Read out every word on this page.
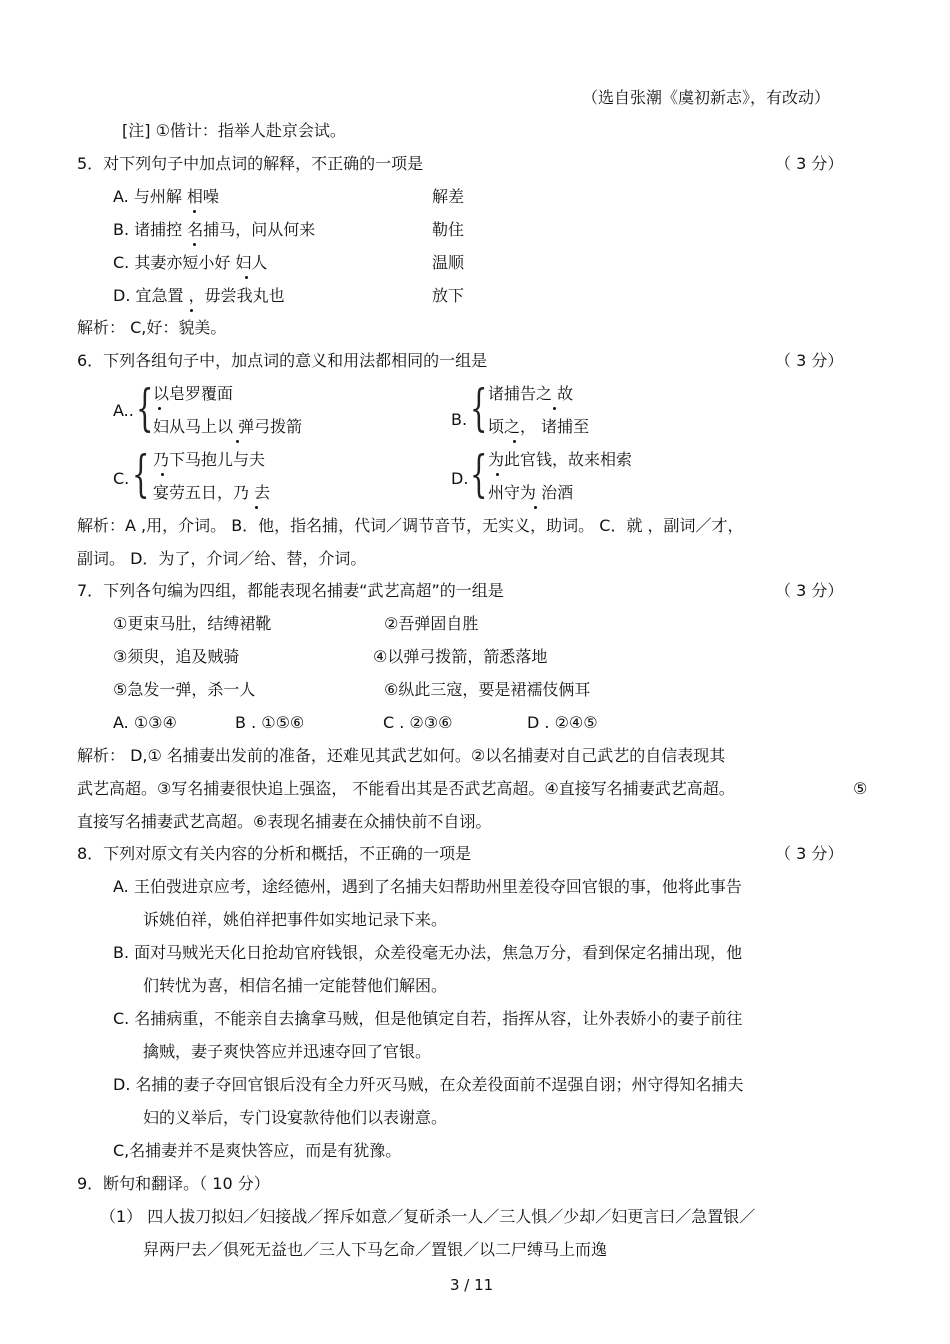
（选自张潮《虞初新志》，有改动）
[注] ①偕计：指举人赴京会试。
5．对下列句子中加点词的解释，不正确的一项是	（ 3 分）
A. 与州解 相噪	解差
B. 诸捕控 名捕马，问从何来	勒住
C. 其妻亦短小好 妇人	温顺
D. 宜急置 ，毋尝我丸也	放下
解析： C,好：貌美。
6．下列各组句子中，加点词的意义和用法都相同的一组是	（ 3 分）
A.. { 以皂罗覆面
妇从马上以 弹弓拨箭	B. { 诸捕告之 故
顷之， 诸捕至
C. { 乃下马抱儿与夫
宴劳五日，乃 去
D. { 为此官钱，故来相索
州守为 治酒
解析：A ,用，介词。 B．他，指名捕，代词／调节音节，无实义，助词。 C．就 ，副词／才，
副词。 D．为了，介词／给、替，介词。
7．下列各句编为四组，都能表现名捕妻“武艺高超”的一组是	（ 3 分）
①更束马肚，结缚裙靴	②吾弹固自胜
③须臾，追及贼骑	④以弹弓拨箭，箭悉落地
⑤急发一弹，杀一人	⑥纵此三寇，要是裙襦伎俩耳
A. ①③④	B . ①⑤⑥	C . ②③⑥	D . ②④⑤
解析： D,① 名捕妻出发前的准备，还难见其武艺如何。②以名捕妻对自己武艺的自信表现其
武艺高超。③写名捕妻很快追上强盗， 不能看出其是否武艺高超。④直接写名捕妻武艺高超。	⑤
直接写名捕妻武艺高超。⑥表现名捕妻在众捕快前不自诩。
8．下列对原文有关内容的分析和概括，不正确的一项是	（ 3 分）
A. 王伯弢进京应考，途经德州，遇到了名捕夫妇帮助州里差役夺回官银的事，他将此事告
诉姚伯祥，姚伯祥把事件如实地记录下来。
B. 面对马贼光天化日抢劫官府钱银，众差役毫无办法，焦急万分，看到保定名捕出现，他
们转忧为喜，相信名捕一定能替他们解困。
C. 名捕病重，不能亲自去擒拿马贼，但是他镇定自若，指挥从容，让外表娇小的妻子前往
擒贼，妻子爽快答应并迅速夺回了官银。
D. 名捕的妻子夺回官银后没有全力歼灭马贼，在众差役面前不逞强自诩；州守得知名捕夫
妇的义举后，专门设宴款待他们以表谢意。
C,名捕妻并不是爽快答应，而是有犹豫。
9．断句和翻译。（ 10 分）
（1） 四人拔刀拟妇／妇接战／挥斥如意／复斫杀一人／三人惧／少却／妇更言曰／急置银／
舁两尸去／俱死无益也／三人下马乞命／置银／以二尸缚马上而逸
3 / 11
